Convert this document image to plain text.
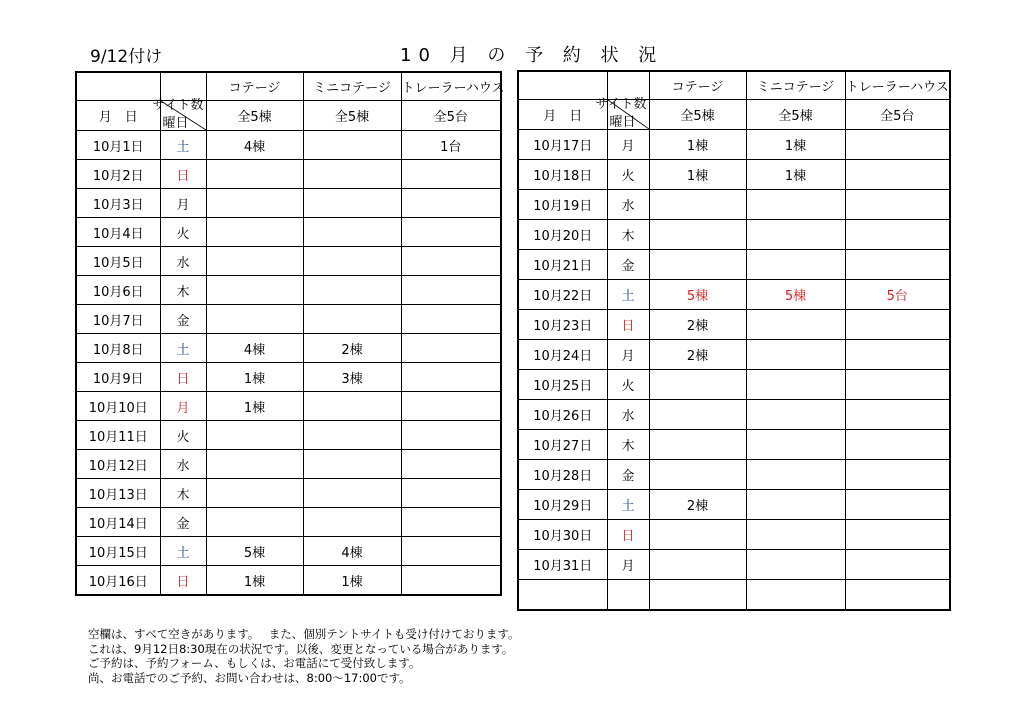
9/12付け	10 月 の 予 約 状 況
		コテージ	ミニコテージ	トレーラーハウス
月　日	サイト数
曜日	全5棟	全5棟	全5台
10月1日	土	4棟		1台
10月2日	日			
10月3日	月			
10月4日	火			
10月5日	水			
10月6日	木			
10月7日	金			
10月8日	土	4棟	2棟	
10月9日	日	1棟	3棟	
10月10日	月	1棟		
10月11日	火			
10月12日	水			
10月13日	木			
10月14日	金			
10月15日	土	5棟	4棟	
10月16日	日	1棟	1棟	
		コテージ	ミニコテージ	トレーラーハウス
月　日	サイト数
曜日	全5棟	全5棟	全5台
10月17日	月	1棟	1棟	
10月18日	火	1棟	1棟	
10月19日	水			
10月20日	木			
10月21日	金			
10月22日	土	5棟	5棟	5台
10月23日	日	2棟		
10月24日	月	2棟		
10月25日	火			
10月26日	水			
10月27日	木			
10月28日	金			
10月29日	土	2棟		
10月30日	日			
10月31日	月			

空欄は、すべて空きがあります。　 また、個別テントサイトも受け付けております。
これは、9月12日8:30現在の状況です。以後、変更となっている場合があります。
ご予約は、予約フォーム、もしくは、お電話にて受付致します。
尚、お電話でのご予約、お問い合わせは、8:00～17:00です。
